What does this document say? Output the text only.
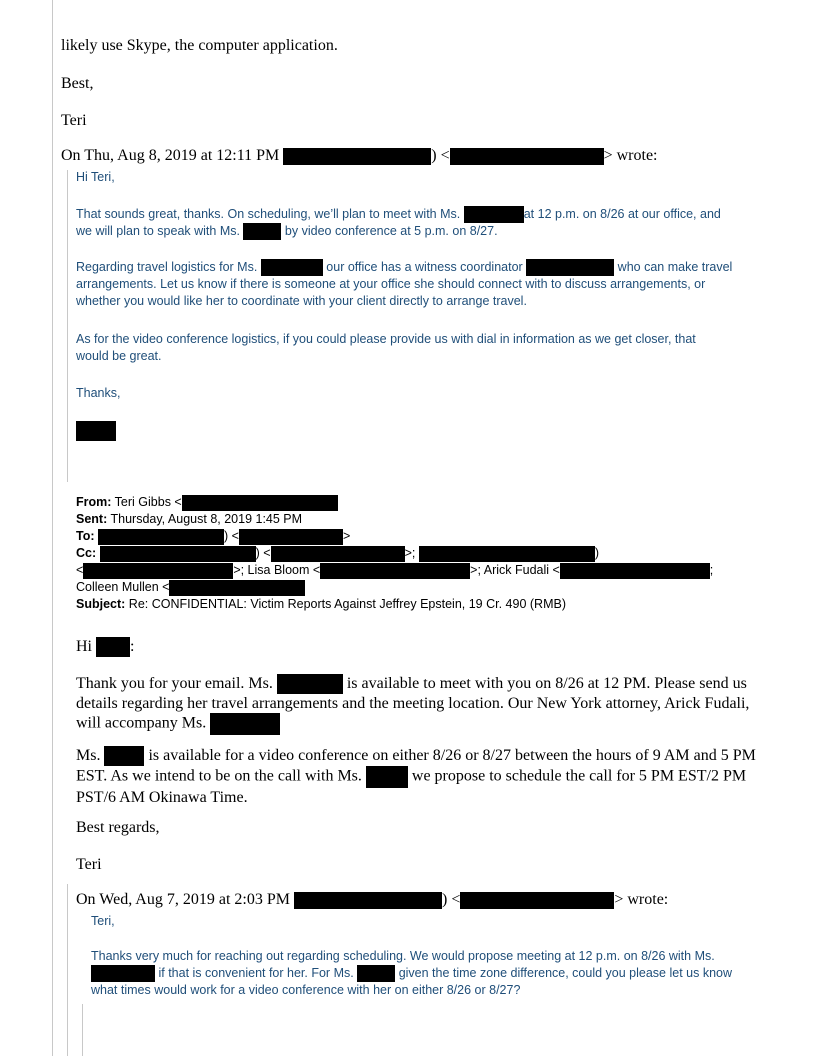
likely use Skype, the computer application.

Best,

Teri

On Thu, Aug 8, 2019 at 12:11 PM	) <	> wrote:

Hi Teri,

That sounds great, thanks. On scheduling, we’ll plan to meet with Ms.	at 12 p.m. on 8/26 at our office, and
we will plan to speak with Ms.	by video conference at 5 p.m. on 8/27.

Regarding travel logistics for Ms.	our office has a witness coordinator	who can make travel
arrangements. Let us know if there is someone at your office she should connect with to discuss arrangements, or
whether you would like her to coordinate with your client directly to arrange travel.

As for the video conference logistics, if you could please provide us with dial in information as we get closer, that
would be great.

Thanks,

From: Teri Gibbs <
Sent: Thursday, August 8, 2019 1:45 PM
To:	) <	>
Cc:	) <	>;	)
<	>; Lisa Bloom <	>; Arick Fudali <	;
Colleen Mullen <
Subject: Re: CONFIDENTIAL: Victim Reports Against Jeffrey Epstein, 19 Cr. 490 (RMB)

Hi :

Thank you for your email. Ms.	is available to meet with you on 8/26 at 12 PM. Please send us
details regarding her travel arrangements and the meeting location. Our New York attorney, Arick Fudali,
will accompany Ms.

Ms.	is available for a video conference on either 8/26 or 8/27 between the hours of 9 AM and 5 PM
EST. As we intend to be on the call with Ms.	we propose to schedule the call for 5 PM EST/2 PM
PST/6 AM Okinawa Time.

Best regards,

Teri

On Wed, Aug 7, 2019 at 2:03 PM	) <	> wrote:

Teri,

Thanks very much for reaching out regarding scheduling. We would propose meeting at 12 p.m. on 8/26 with Ms.
if that is convenient for her. For Ms.	given the time zone difference, could you please let us know
what times would work for a video conference with her on either 8/26 or 8/27?
